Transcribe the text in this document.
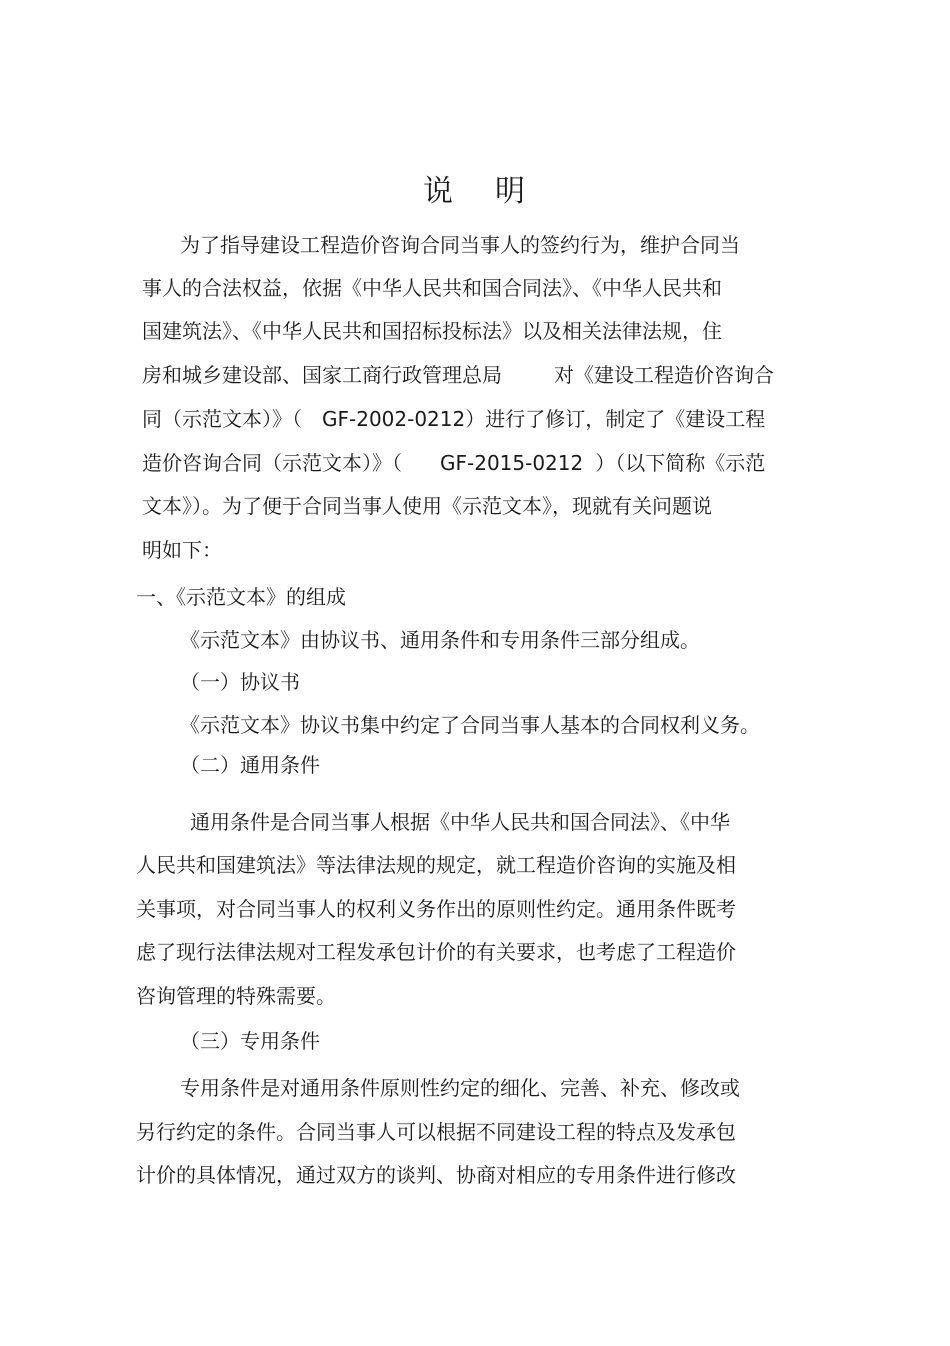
说 明
为了指导建设工程造价咨询合同当事人的签约行为，维护合同当
事人的合法权益，依据《中华人民共和国合同法》、《中华人民共和
国建筑法》、《中华人民共和国招标投标法》以及相关法律法规，住
房和城乡建设部、国家工商行政管理总局	对《建设工程造价咨询合
同（示范文本）》（ GF-2002-0212）进行了修订，制定了《建设工程
造价咨询合同（示范文本）》（ GF-2015-0212 ）（以下简称《示范
文本》）。为了便于合同当事人使用《示范文本》，现就有关问题说
明如下：
一、《示范文本》的组成
《示范文本》由协议书、通用条件和专用条件三部分组成。
（一）协议书
《示范文本》协议书集中约定了合同当事人基本的合同权利义务。
（二）通用条件
通用条件是合同当事人根据《中华人民共和国合同法》、《中华
人民共和国建筑法》等法律法规的规定，就工程造价咨询的实施及相
关事项，对合同当事人的权利义务作出的原则性约定。通用条件既考
虑了现行法律法规对工程发承包计价的有关要求，也考虑了工程造价
咨询管理的特殊需要。
（三）专用条件
专用条件是对通用条件原则性约定的细化、完善、补充、修改或
另行约定的条件。合同当事人可以根据不同建设工程的特点及发承包
计价的具体情况，通过双方的谈判、协商对相应的专用条件进行修改
